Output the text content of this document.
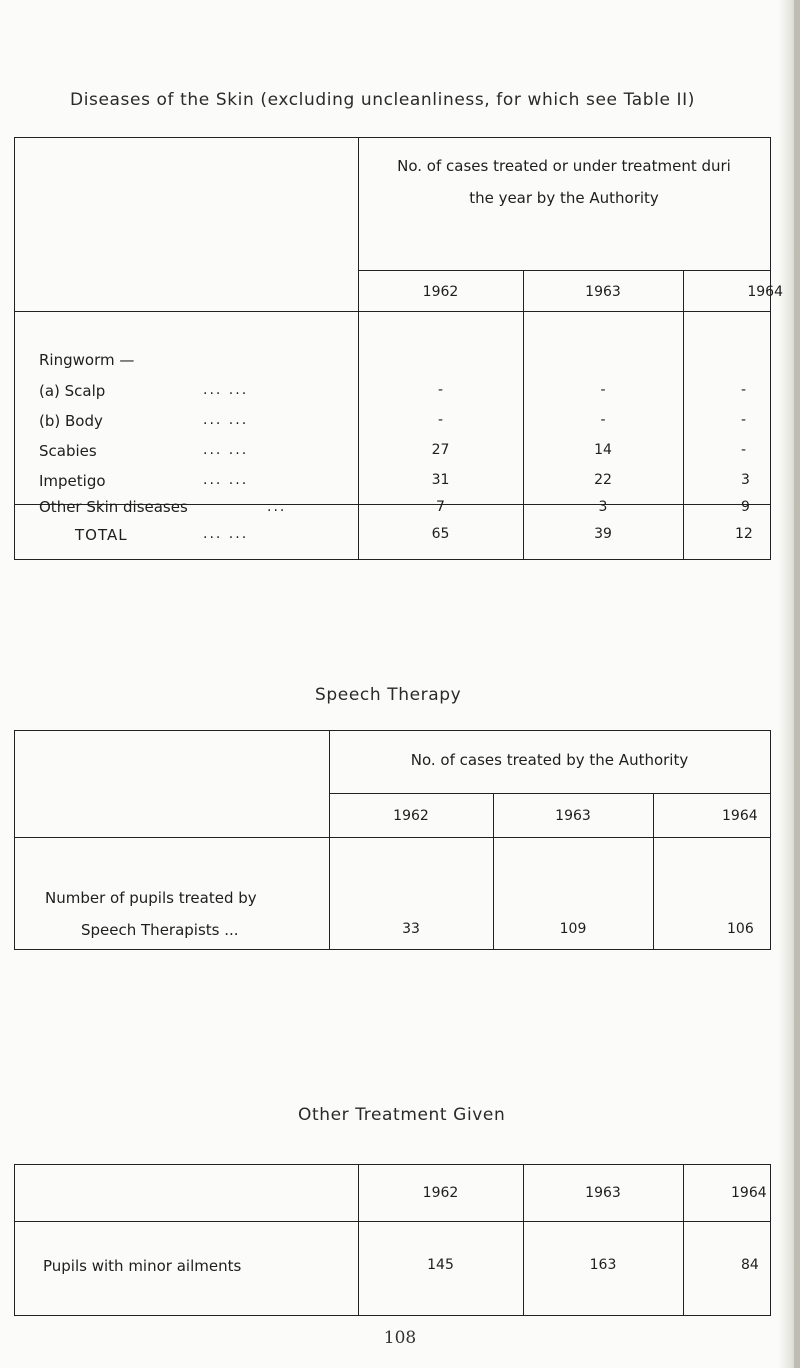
Diseases of the Skin (excluding uncleanliness, for which see Table II)
No. of cases treated or under treatment duri
the year by the Authority
1962	1963	1964
Ringworm —
(a) Scalp	... ...	-	-	-
(b) Body	... ...	-	-	-
Scabies	... ...	27	14	-
Impetigo	... ...	31	22	3
Other Skin diseases	...	7	3	9
TOTAL	... ...	65	39	12
Speech Therapy
No. of cases treated by the Authority
1962	1963	1964
Number of pupils treated by
Speech Therapists ...	33	109	106
Other Treatment Given
1962	1963	1964
Pupils with minor ailments	145	163	84
108
